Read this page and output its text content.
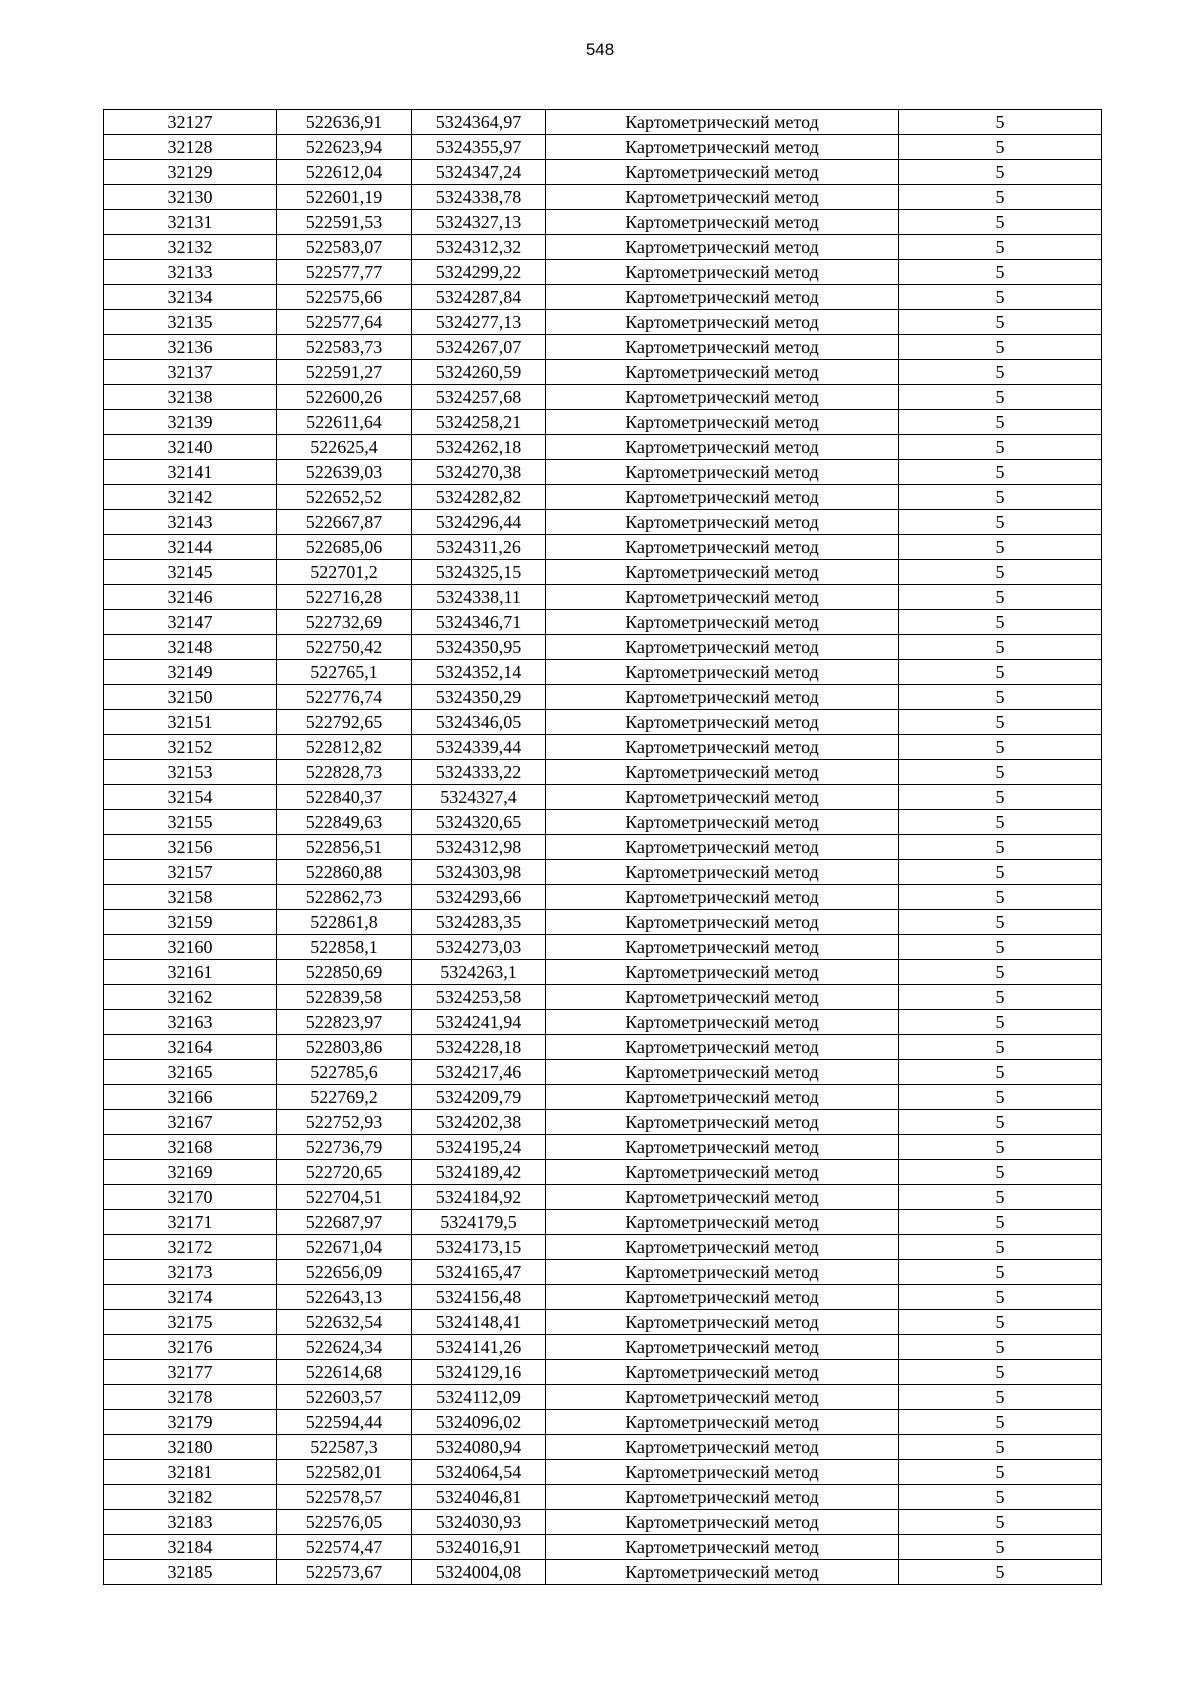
548
32127	522636,91	5324364,97	Картометрический метод	5
32128	522623,94	5324355,97	Картометрический метод	5
32129	522612,04	5324347,24	Картометрический метод	5
32130	522601,19	5324338,78	Картометрический метод	5
32131	522591,53	5324327,13	Картометрический метод	5
32132	522583,07	5324312,32	Картометрический метод	5
32133	522577,77	5324299,22	Картометрический метод	5
32134	522575,66	5324287,84	Картометрический метод	5
32135	522577,64	5324277,13	Картометрический метод	5
32136	522583,73	5324267,07	Картометрический метод	5
32137	522591,27	5324260,59	Картометрический метод	5
32138	522600,26	5324257,68	Картометрический метод	5
32139	522611,64	5324258,21	Картометрический метод	5
32140	522625,4	5324262,18	Картометрический метод	5
32141	522639,03	5324270,38	Картометрический метод	5
32142	522652,52	5324282,82	Картометрический метод	5
32143	522667,87	5324296,44	Картометрический метод	5
32144	522685,06	5324311,26	Картометрический метод	5
32145	522701,2	5324325,15	Картометрический метод	5
32146	522716,28	5324338,11	Картометрический метод	5
32147	522732,69	5324346,71	Картометрический метод	5
32148	522750,42	5324350,95	Картометрический метод	5
32149	522765,1	5324352,14	Картометрический метод	5
32150	522776,74	5324350,29	Картометрический метод	5
32151	522792,65	5324346,05	Картометрический метод	5
32152	522812,82	5324339,44	Картометрический метод	5
32153	522828,73	5324333,22	Картометрический метод	5
32154	522840,37	5324327,4	Картометрический метод	5
32155	522849,63	5324320,65	Картометрический метод	5
32156	522856,51	5324312,98	Картометрический метод	5
32157	522860,88	5324303,98	Картометрический метод	5
32158	522862,73	5324293,66	Картометрический метод	5
32159	522861,8	5324283,35	Картометрический метод	5
32160	522858,1	5324273,03	Картометрический метод	5
32161	522850,69	5324263,1	Картометрический метод	5
32162	522839,58	5324253,58	Картометрический метод	5
32163	522823,97	5324241,94	Картометрический метод	5
32164	522803,86	5324228,18	Картометрический метод	5
32165	522785,6	5324217,46	Картометрический метод	5
32166	522769,2	5324209,79	Картометрический метод	5
32167	522752,93	5324202,38	Картометрический метод	5
32168	522736,79	5324195,24	Картометрический метод	5
32169	522720,65	5324189,42	Картометрический метод	5
32170	522704,51	5324184,92	Картометрический метод	5
32171	522687,97	5324179,5	Картометрический метод	5
32172	522671,04	5324173,15	Картометрический метод	5
32173	522656,09	5324165,47	Картометрический метод	5
32174	522643,13	5324156,48	Картометрический метод	5
32175	522632,54	5324148,41	Картометрический метод	5
32176	522624,34	5324141,26	Картометрический метод	5
32177	522614,68	5324129,16	Картометрический метод	5
32178	522603,57	5324112,09	Картометрический метод	5
32179	522594,44	5324096,02	Картометрический метод	5
32180	522587,3	5324080,94	Картометрический метод	5
32181	522582,01	5324064,54	Картометрический метод	5
32182	522578,57	5324046,81	Картометрический метод	5
32183	522576,05	5324030,93	Картометрический метод	5
32184	522574,47	5324016,91	Картометрический метод	5
32185	522573,67	5324004,08	Картометрический метод	5
